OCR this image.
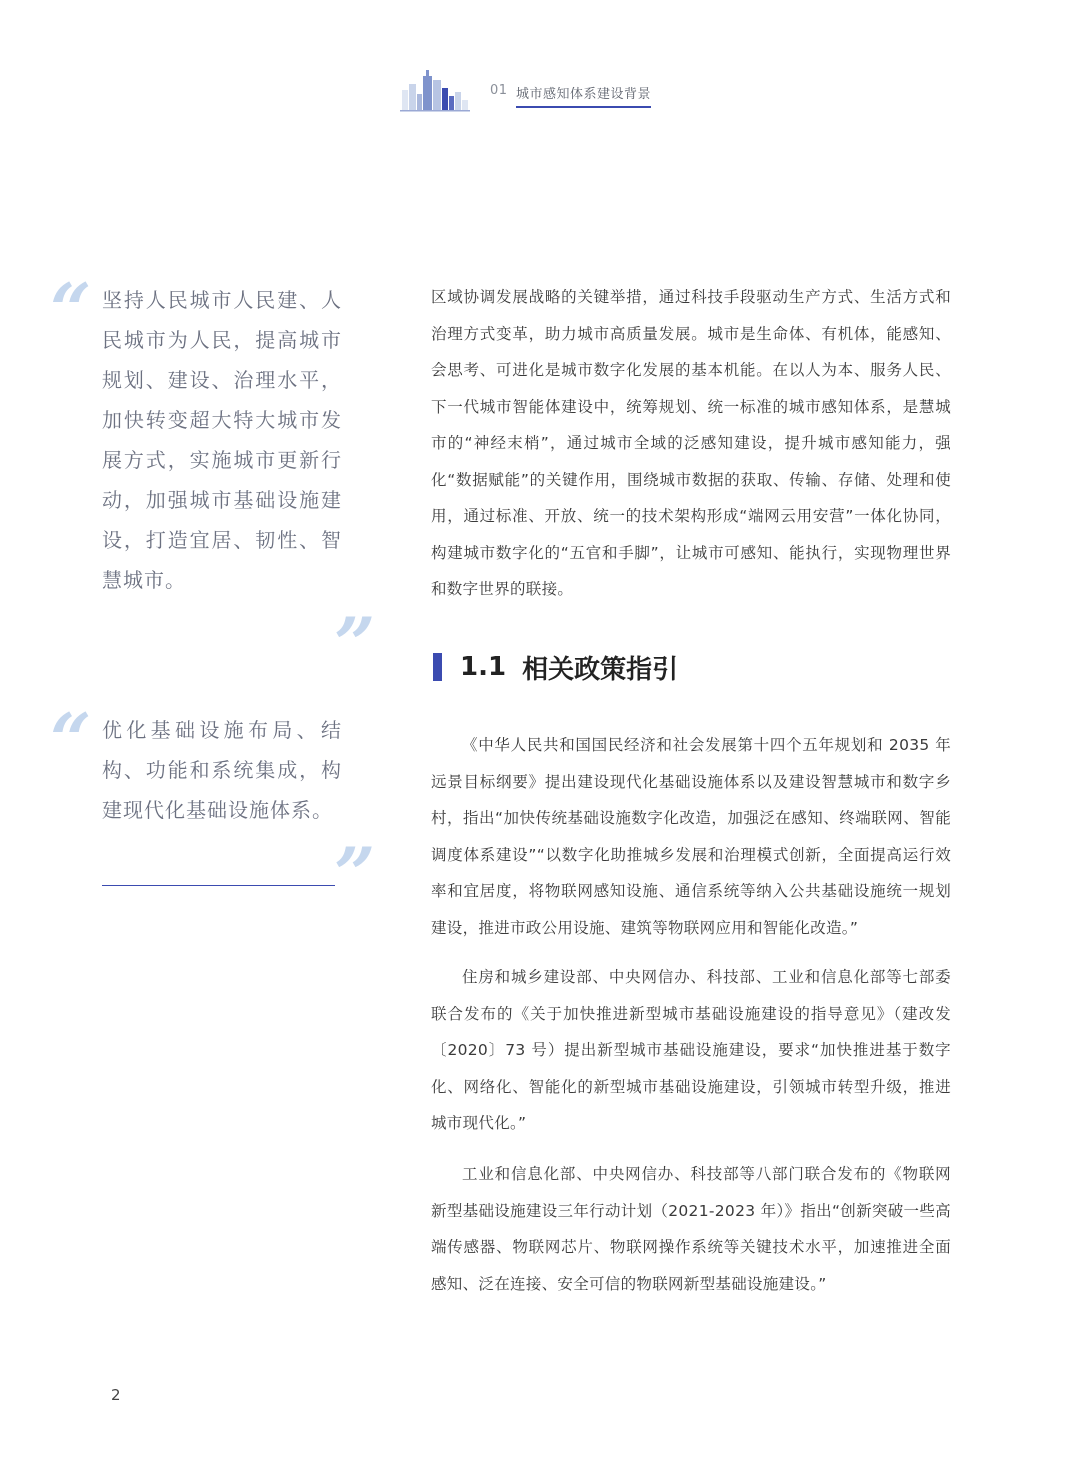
01 城市感知体系建设背景
“ 坚持人民城市人民建、人民城市为人民，提高城市规划、建设、治理水平，加快转变超大特大城市发展方式，实施城市更新行动，加强城市基础设施建设，打造宜居、韧性、智慧城市。
”
“ 优化基础设施布局、结构、功能和系统集成，构建现代化基础设施体系。
”
区域协调发展战略的关键举措，通过科技手段驱动生产方式、生活方式和治理方式变革，助力城市高质量发展。城市是生命体、有机体，能感知、会思考、可进化是城市数字化发展的基本机能。在以人为本、服务人民、下一代城市智能体建设中，统筹规划、统一标准的城市感知体系，是慧城市的“神经末梢”，通过城市全域的泛感知建设，提升城市感知能力，强化“数据赋能”的关键作用，围绕城市数据的获取、传输、存储、处理和使用，通过标准、开放、统一的技术架构形成“端网云用安营”一体化协同，构建城市数字化的“五官和手脚”，让城市可感知、能执行，实现物理世界和数字世界的联接。
1.1 相关政策指引
《中华人民共和国国民经济和社会发展第十四个五年规划和 2035 年远景目标纲要》提出建设现代化基础设施体系以及建设智慧城市和数字乡村，指出“加快传统基础设施数字化改造，加强泛在感知、终端联网、智能调度体系建设”“以数字化助推城乡发展和治理模式创新，全面提高运行效率和宜居度，将物联网感知设施、通信系统等纳入公共基础设施统一规划建设，推进市政公用设施、建筑等物联网应用和智能化改造。”
住房和城乡建设部、中央网信办、科技部、工业和信息化部等七部委联合发布的《关于加快推进新型城市基础设施建设的指导意见》（建改发〔2020〕73 号）提出新型城市基础设施建设，要求“加快推进基于数字化、网络化、智能化的新型城市基础设施建设，引领城市转型升级，推进城市现代化。”
工业和信息化部、中央网信办、科技部等八部门联合发布的《物联网新型基础设施建设三年行动计划（2021-2023 年）》指出“创新突破一些高端传感器、物联网芯片、物联网操作系统等关键技术水平，加速推进全面感知、泛在连接、安全可信的物联网新型基础设施建设。”
2
